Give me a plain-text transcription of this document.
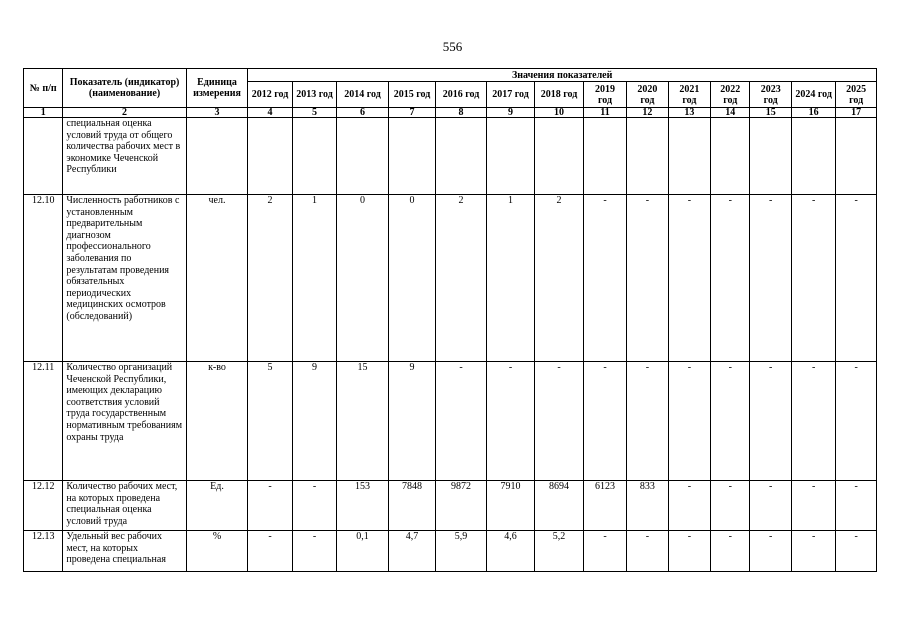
556
№ п/п	Показатель (индикатор) (наименование)	Единица измерения	Значения показателей													
			2012 год	2013 год	2014 год	2015 год	2016 год	2017 год	2018 год	2019 год	2020 год	2021 год	2022 год	2023 год	2024 год	2025 год
1	2	3	4	5	6	7	8	9	10	11	12	13	14	15	16	17
	специальная оценка условий труда от общего количества рабочих мест в экономике Чеченской Республики															
12.10	Численность работников с установленным предварительным диагнозом профессионального заболевания по результатам проведения обязательных периодических медицинских осмотров (обследований)	чел.	2	1	0	0	2	1	2	-	-	-	-	-	-	-
12.11	Количество организаций Чеченской Республики, имеющих декларацию соответствия условий труда государственным нормативным требованиям охраны труда	к-во	5	9	15	9	-	-	-	-	-	-	-	-	-	-
12.12	Количество рабочих мест, на которых проведена специальная оценка условий труда	Ед.	-	-	153	7848	9872	7910	8694	6123	833	-	-	-	-	-
12.13	Удельный вес рабочих мест, на которых проведена специальная	%	-	-	0,1	4,7	5,9	4,6	5,2	-	-	-	-	-	-	-
